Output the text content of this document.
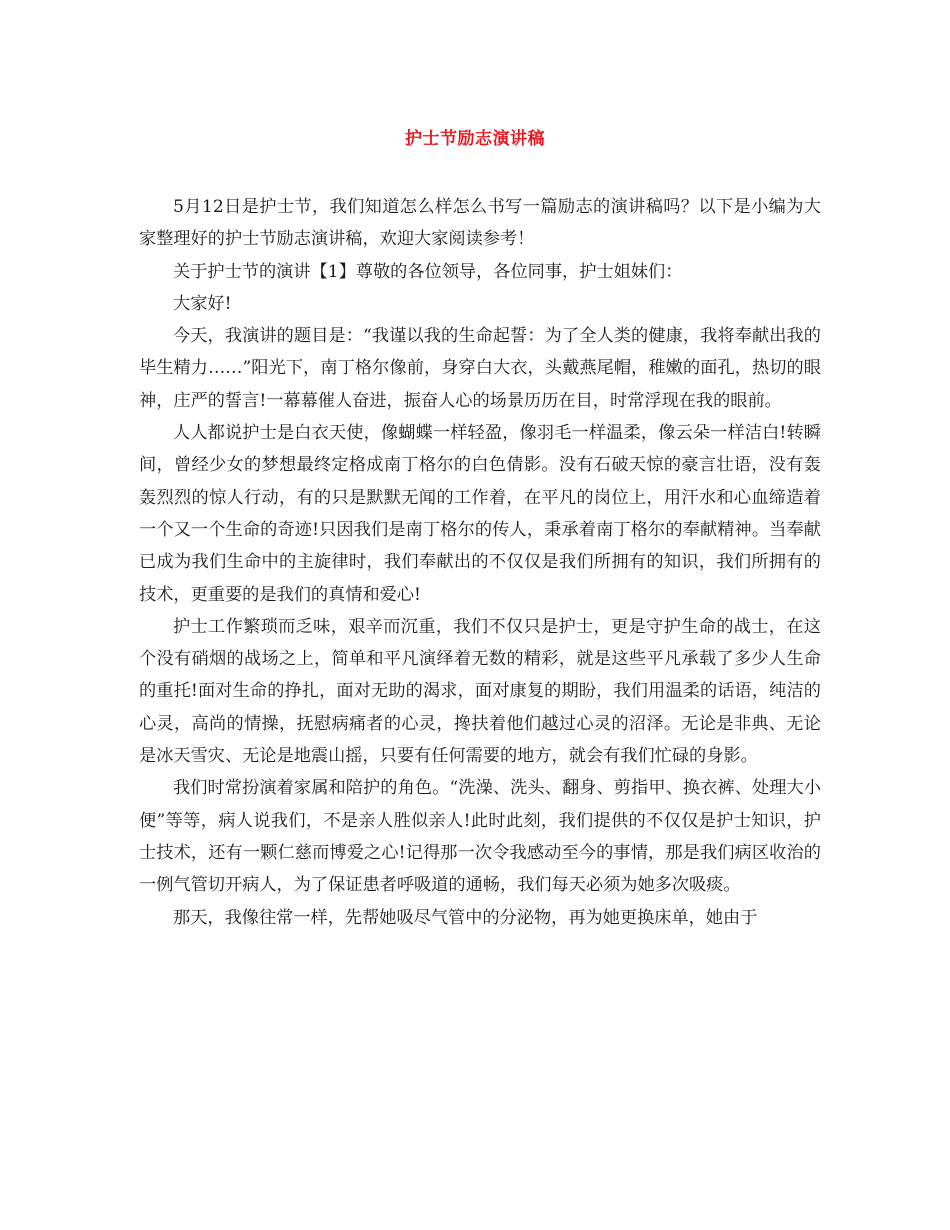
护士节励志演讲稿

5月12日是护士节，我们知道怎么样怎么书写一篇励志的演讲稿吗？以下是小编为大家整理好的护士节励志演讲稿，欢迎大家阅读参考！

关于护士节的演讲【1】尊敬的各位领导，各位同事，护士姐妹们：

大家好!

今天，我演讲的题目是：“我谨以我的生命起誓：为了全人类的健康，我将奉献出我的毕生精力……”阳光下，南丁格尔像前，身穿白大衣，头戴燕尾帽，稚嫩的面孔，热切的眼神，庄严的誓言!一幕幕催人奋进，振奋人心的场景历历在目，时常浮现在我的眼前。

人人都说护士是白衣天使，像蝴蝶一样轻盈，像羽毛一样温柔，像云朵一样洁白!转瞬间，曾经少女的梦想最终定格成南丁格尔的白色倩影。没有石破天惊的豪言壮语，没有轰轰烈烈的惊人行动，有的只是默默无闻的工作着，在平凡的岗位上，用汗水和心血缔造着一个又一个生命的奇迹!只因我们是南丁格尔的传人，秉承着南丁格尔的奉献精神。当奉献已成为我们生命中的主旋律时，我们奉献出的不仅仅是我们所拥有的知识，我们所拥有的技术，更重要的是我们的真情和爱心!

护士工作繁琐而乏味，艰辛而沉重，我们不仅只是护士，更是守护生命的战士，在这个没有硝烟的战场之上，简单和平凡演绎着无数的精彩，就是这些平凡承载了多少人生命的重托!面对生命的挣扎，面对无助的渴求，面对康复的期盼，我们用温柔的话语，纯洁的心灵，高尚的情操，抚慰病痛者的心灵，搀扶着他们越过心灵的沼泽。无论是非典、无论是冰天雪灾、无论是地震山摇，只要有任何需要的地方，就会有我们忙碌的身影。

我们时常扮演着家属和陪护的角色。“洗澡、洗头、翻身、剪指甲、换衣裤、处理大小便”等等，病人说我们，不是亲人胜似亲人!此时此刻，我们提供的不仅仅是护士知识，护士技术，还有一颗仁慈而博爱之心!记得那一次令我感动至今的事情，那是我们病区收治的一例气管切开病人，为了保证患者呼吸道的通畅，我们每天必须为她多次吸痰。

那天，我像往常一样，先帮她吸尽气管中的分泌物，再为她更换床单，她由于
